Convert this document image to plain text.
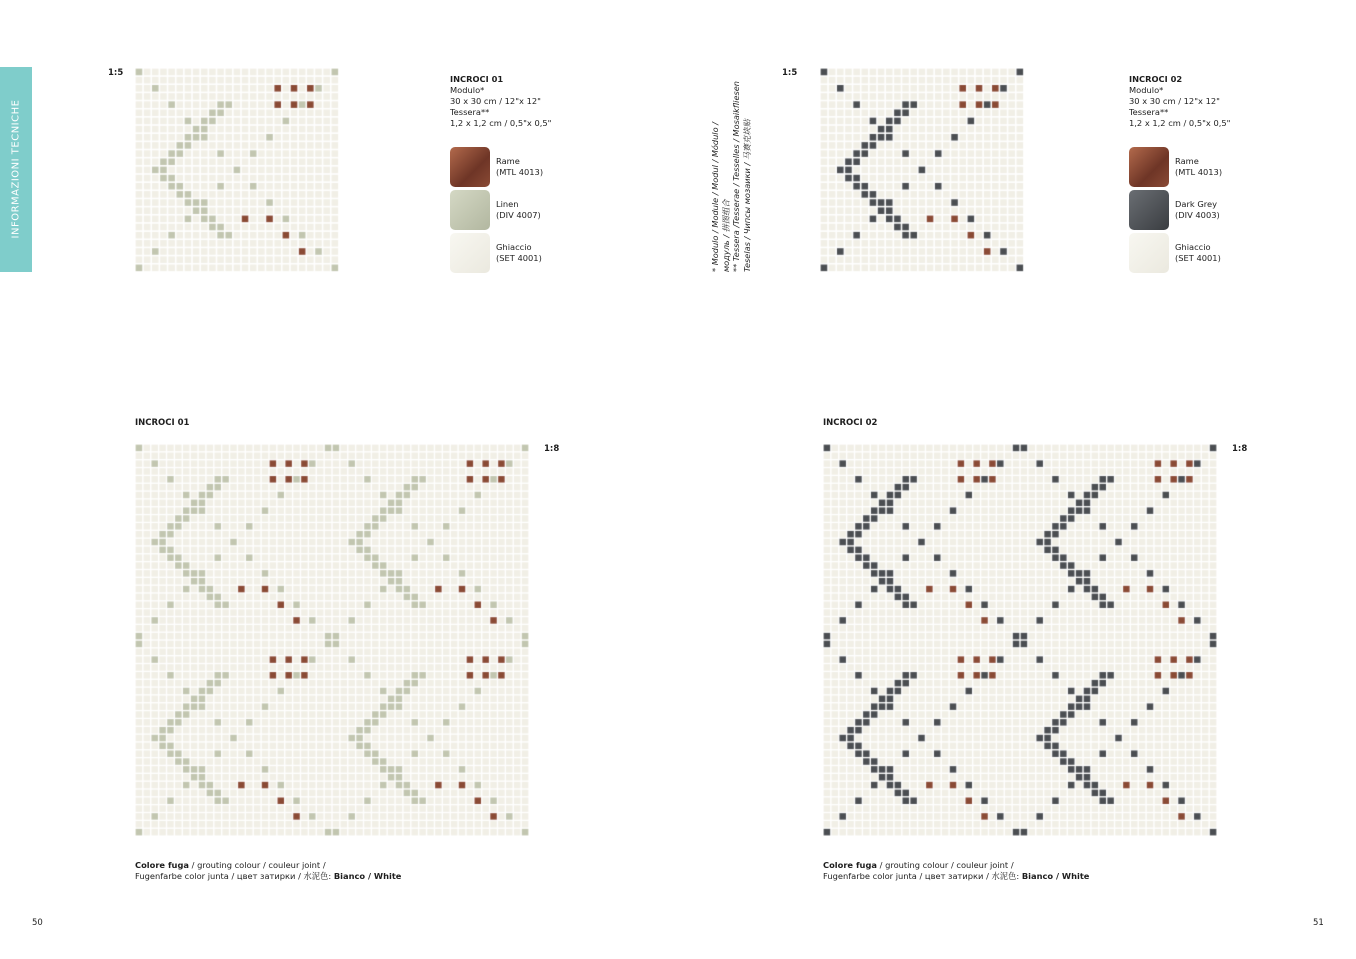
INFORMAZIONI TECNICHE
1:5
INCROCI 01
Modulo*
30 x 30 cm / 12"x 12"
Tessera**
1,2 x 1,2 cm / 0,5"x 0,5"
Rame
(MTL 4013)
Linen
(DIV 4007)
Ghiaccio
(SET 4001)	* Modulo / Module / Modul / Módulo / модуль / 拼图组合 ** Tessera /Tesserae / Tesselles / Mosaikfliesen Teselas / Чипсы мозаики / 马赛克块贴
1:5
INCROCI 02
Modulo*
30 x 30 cm / 12"x 12"
Tessera**
1,2 x 1,2 cm / 0,5"x 0,5"
Rame
(MTL 4013)
Dark Grey
(DIV 4003)
Ghiaccio
(SET 4001)
INCROCI 01
1:8
Colore fuga / grouting colour / couleur joint /
Fugenfarbe color junta / цвет затирки / 水泥色: Bianco / White
INCROCI 02
1:8
Colore fuga / grouting colour / couleur joint /
Fugenfarbe color junta / цвет затирки / 水泥色: Bianco / White
50	51
